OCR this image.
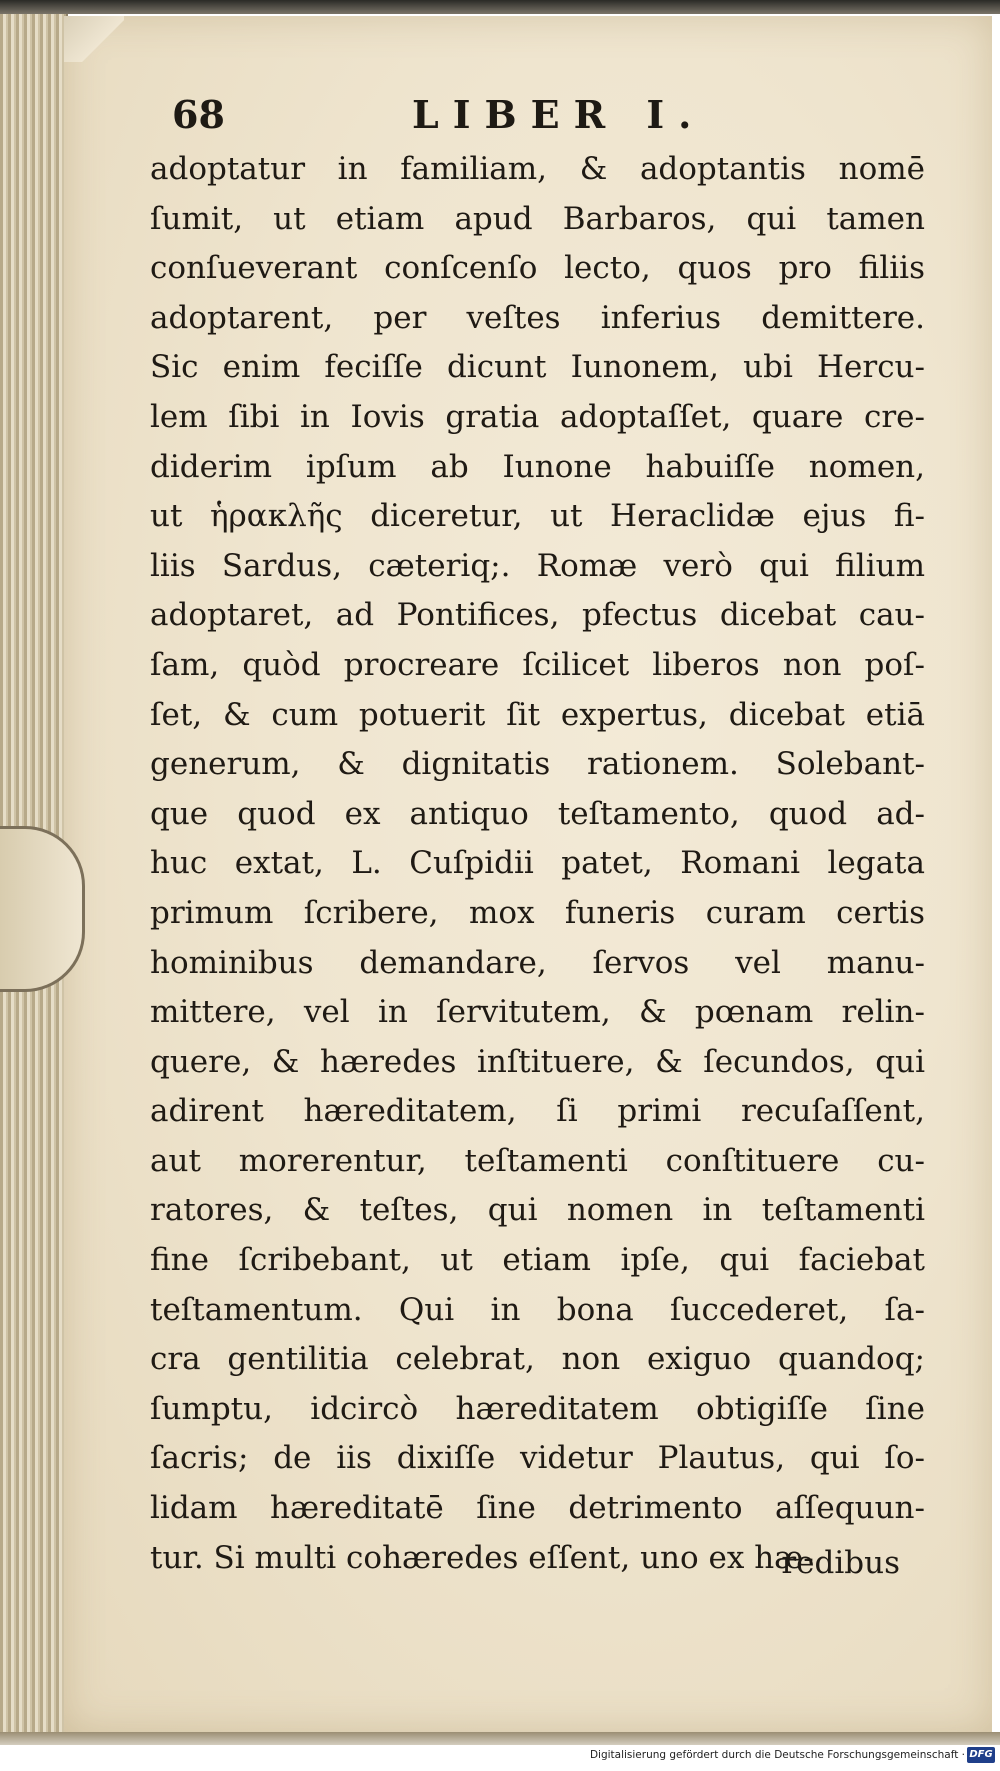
68	LIBER I.
adoptatur in familiam, & adoptantis nomē
ſumit, ut etiam apud Barbaros, qui tamen
conſueverant conſcenſo lecto, quos pro filiis
adoptarent, per veſtes inferius demittere.
Sic enim feciſſe dicunt Iunonem, ubi Hercu-
lem ſibi in Iovis gratia adoptaſſet, quare cre-
diderim ipſum ab Iunone habuiſſe nomen,
ut ἡρακλῆς diceretur, ut Heraclidæ ejus fi-
liis Sardus, cæteriq;. Romæ verò qui filium
adoptaret, ad Pontifices, pfectus dicebat cau-
ſam, quòd procreare ſcilicet liberos non poſ-
ſet, & cum potuerit ſit expertus, dicebat etiā
generum, & dignitatis rationem. Solebant-
que quod ex antiquo teſtamento, quod ad-
huc extat, L. Cuſpidii patet, Romani legata
primum ſcribere, mox funeris curam certis
hominibus demandare, ſervos vel manu-
mittere, vel in ſervitutem, & pœnam relin-
quere, & hæredes inſtituere, & ſecundos, qui
adirent hæreditatem, ſi primi recuſaſſent,
aut morerentur, teſtamenti conſtituere cu-
ratores, & teſtes, qui nomen in teſtamenti
fine ſcribebant, ut etiam ipſe, qui faciebat
teſtamentum. Qui in bona ſuccederet, ſa-
cra gentilitia celebrat, non exiguo quandoq;
ſumptu, idcircò hæreditatem obtigiſſe ſine
ſacris; de iis dixiſſe videtur Plautus, qui ſo-
lidam hæreditatē ſine detrimento aſſequun-
tur. Si multi cohæredes eſſent, uno ex hæ-
redibus
Digitalisierung gefördert durch die Deutsche Forschungsgemeinschaft · DFG
